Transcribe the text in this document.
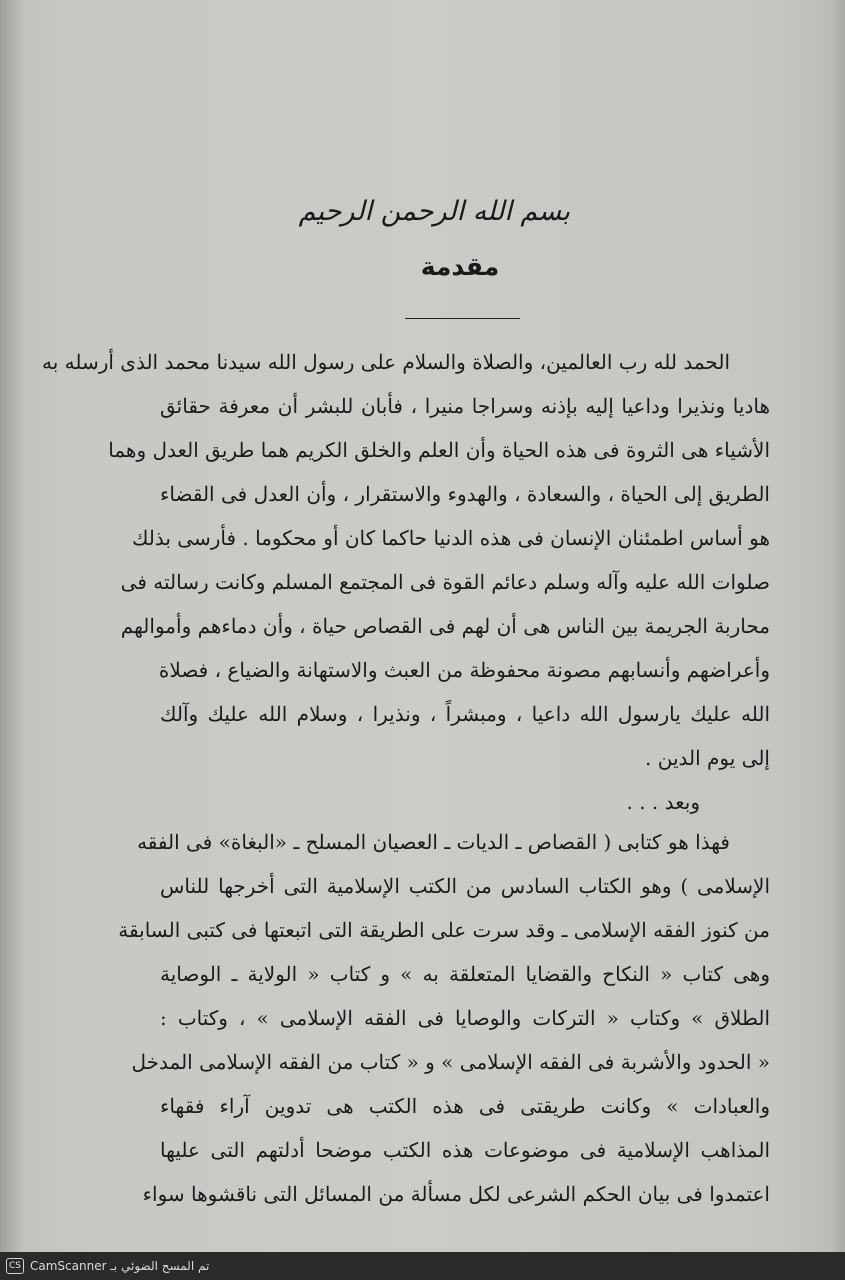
بسم الله الرحمن الرحيم
مقدمة
الحمد لله رب العالمين، والصلاة والسلام على رسول الله سيدنا محمد الذى أرسله به
هاديا ونذيرا وداعيا إليه بإذنه وسراجا منيرا ، فأبان للبشر أن معرفة حقائق
الأشياء هى الثروة فى هذه الحياة وأن العلم والخلق الكريم هما طريق العدل وهما
الطريق إلى الحياة ، والسعادة ، والهدوء والاستقرار ، وأن العدل فى القضاء
هو أساس اطمئنان الإنسان فى هذه الدنيا حاكما كان أو محكوما . فأرسى بذلك
صلوات الله عليه وآله وسلم دعائم القوة فى المجتمع المسلم وكانت رسالته فى
محاربة الجريمة بين الناس هى أن لهم فى القصاص حياة ، وأن دماءهم وأموالهم
وأعراضهم وأنسابهم مصونة محفوظة من العبث والاستهانة والضياع ، فصلاة
الله عليك يارسول الله داعيا ، ومبشراً ، ونذيرا ، وسلام الله عليك وآلك
إلى يوم الدين .
وبعد . . .
فهذا هو كتابى ( القصاص ـ الديات ـ العصيان المسلح ـ «البغاة» فى الفقه
الإسلامى ) وهو الكتاب السادس من الكتب الإسلامية التى أخرجها للناس
من كنوز الفقه الإسلامى ـ وقد سرت على الطريقة التى اتبعتها فى كتبى السابقة
وهى كتاب « النكاح والقضايا المتعلقة به » و كتاب « الولاية ـ الوصاية
الطلاق » وكتاب « التركات والوصايا فى الفقه الإسلامى » ، وكتاب :
« الحدود والأشربة فى الفقه الإسلامى » و « كتاب من الفقه الإسلامى المدخل
والعبادات » وكانت طريقتى فى هذه الكتب هى تدوين آراء فقهاء
المذاهب الإسلامية فى موضوعات هذه الكتب موضحا أدلتهم التى عليها
اعتمدوا فى بيان الحكم الشرعى لكل مسألة من المسائل التى ناقشوها سواء
CS تم المسح الضوئي بـ CamScanner
